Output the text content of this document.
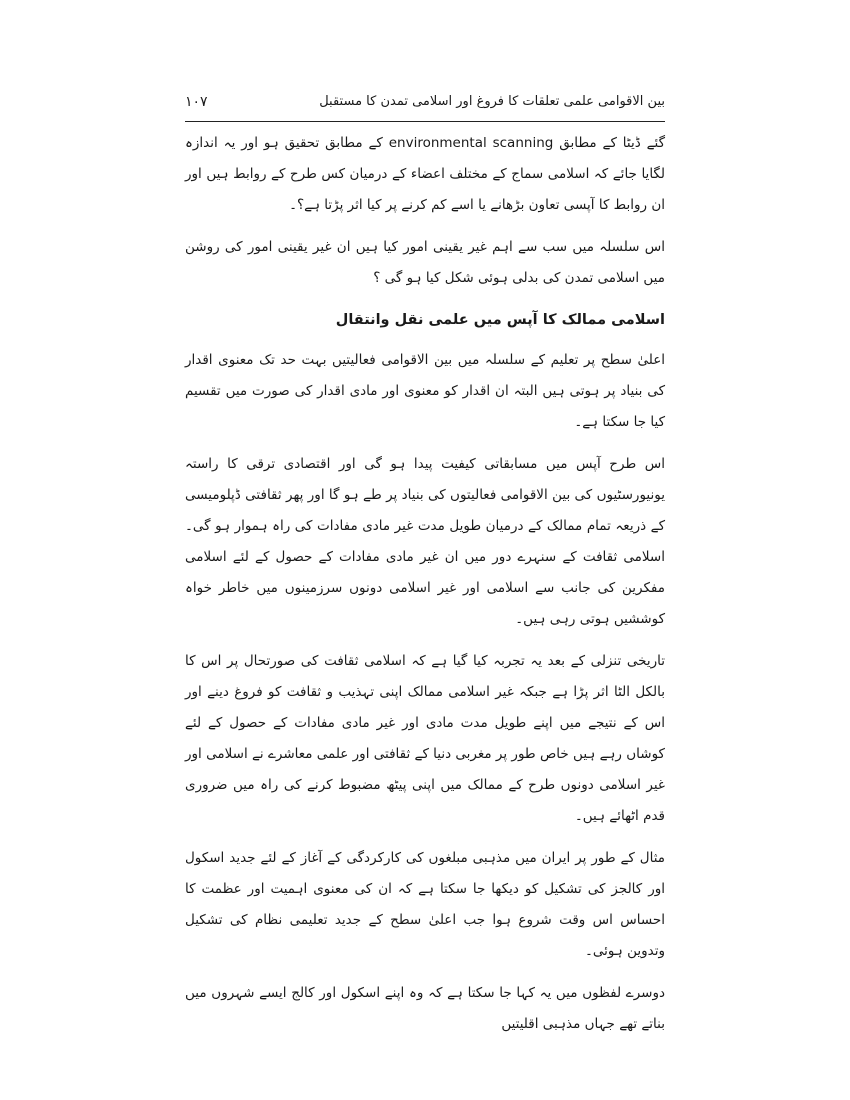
بین الاقوامی علمی تعلقات کا فروغ اور اسلامی تمدن کا مستقبل
۱۰۷

گئے ڈیٹا کے مطابق environmental scanning کے مطابق تحقیق ہو اور یہ اندازہ لگایا جائے کہ اسلامی سماج کے مختلف اعضاء کے درمیان کس طرح کے روابط ہیں اور ان روابط کا آپسی تعاون بڑھانے یا اسے کم کرنے پر کیا اثر پڑتا ہے؟۔

اس سلسلہ میں سب سے اہم غیر یقینی امور کیا ہیں ان غیر یقینی امور کی روشن میں اسلامی تمدن کی بدلی ہوئی شکل کیا ہو گی ؟

اسلامی ممالک کا آپس میں علمی نقل وانتقال

اعلیٰ سطح پر تعلیم کے سلسلہ میں بین الاقوامی فعالیتیں بہت حد تک معنوی اقدار کی بنیاد پر ہوتی ہیں البتہ ان اقدار کو معنوی اور مادی اقدار کی صورت میں تقسیم کیا جا سکتا ہے۔

اس طرح آپس میں مسابقاتی کیفیت پیدا ہو گی اور اقتصادی ترقی کا راستہ یونیورسٹیوں کی بین الاقوامی فعالیتوں کی بنیاد پر طے ہو گا اور پھر ثقافتی ڈپلومیسی کے ذریعہ تمام ممالک کے درمیان طویل مدت غیر مادی مفادات کی راہ ہموار ہو گی۔ اسلامی ثقافت کے سنہرے دور میں ان غیر مادی مفادات کے حصول کے لئے اسلامی مفکرین کی جانب سے اسلامی اور غیر اسلامی دونوں سرزمینوں میں خاطر خواہ کوششیں ہوتی رہی ہیں۔

تاریخی تنزلی کے بعد یہ تجربہ کیا گیا ہے کہ اسلامی ثقافت کی صورتحال پر اس کا بالکل الٹا اثر پڑا ہے جبکہ غیر اسلامی ممالک اپنی تہذیب و ثقافت کو فروغ دینے اور اس کے نتیجے میں اپنے طویل مدت مادی اور غیر مادی مفادات کے حصول کے لئے کوشاں رہے ہیں خاص طور پر مغربی دنیا کے ثقافتی اور علمی معاشرے نے اسلامی اور غیر اسلامی دونوں طرح کے ممالک میں اپنی پیٹھ مضبوط کرنے کی راہ میں ضروری قدم اٹھائے ہیں۔

مثال کے طور پر ایران میں مذہبی مبلغوں کی کارکردگی کے آغاز کے لئے جدید اسکول اور کالجز کی تشکیل کو دیکھا جا سکتا ہے کہ ان کی معنوی اہمیت اور عظمت کا احساس اس وقت شروع ہوا جب اعلیٰ سطح کے جدید تعلیمی نظام کی تشکیل وتدوین ہوئی۔

دوسرے لفظوں میں یہ کہا جا سکتا ہے کہ وہ اپنے اسکول اور کالج ایسے شہروں میں بناتے تھے جہاں مذہبی اقلیتیں
